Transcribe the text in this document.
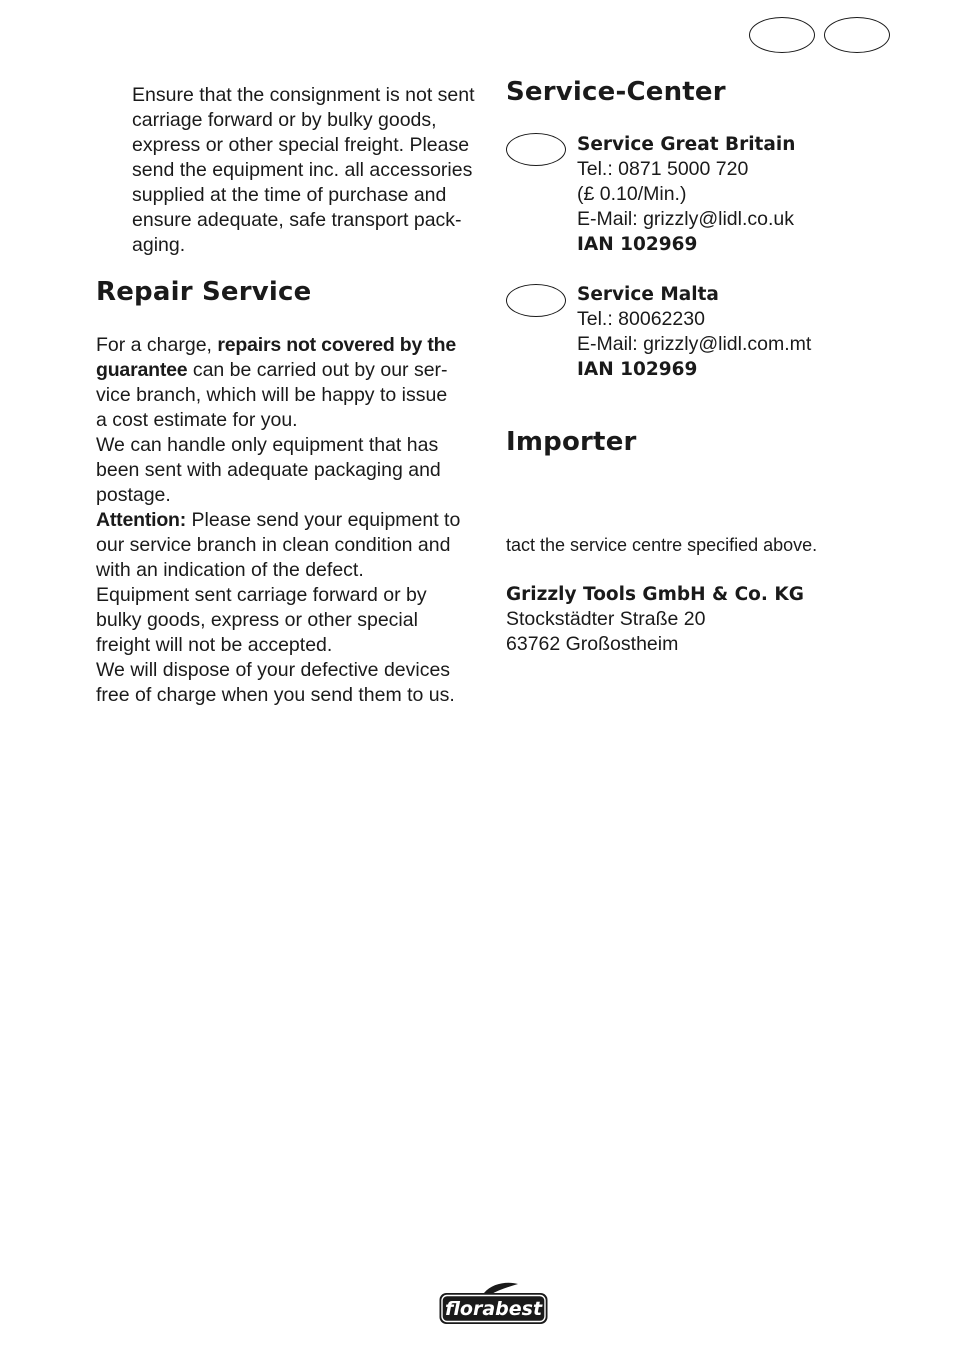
Ensure that the consignment is not sent
carriage forward or by bulky goods,
express or other special freight. Please
send the equipment inc. all accessories
supplied at the time of purchase and
ensure adequate, safe transport pack-
aging.
Repair Service
For a charge, repairs not covered by the
guarantee can be carried out by our ser-
vice branch, which will be happy to issue
a cost estimate for you.
We can handle only equipment that has
been sent with adequate packaging and
postage.
Attention: Please send your equipment to
our service branch in clean condition and
with an indication of the defect.
Equipment sent carriage forward or by
bulky goods, express or other special
freight will not be accepted.
We will dispose of your defective devices
free of charge when you send them to us.
Service-Center
Service Great Britain
Tel.: 0871 5000 720
(£ 0.10/Min.)
E-Mail: grizzly@lidl.co.uk
IAN 102969
Service Malta
Tel.: 80062230
E-Mail: grizzly@lidl.com.mt
IAN 102969
Importer
tact the service centre specified above.
Grizzly Tools GmbH & Co. KG
Stockstädter Straße 20
63762 Großostheim
florabest
